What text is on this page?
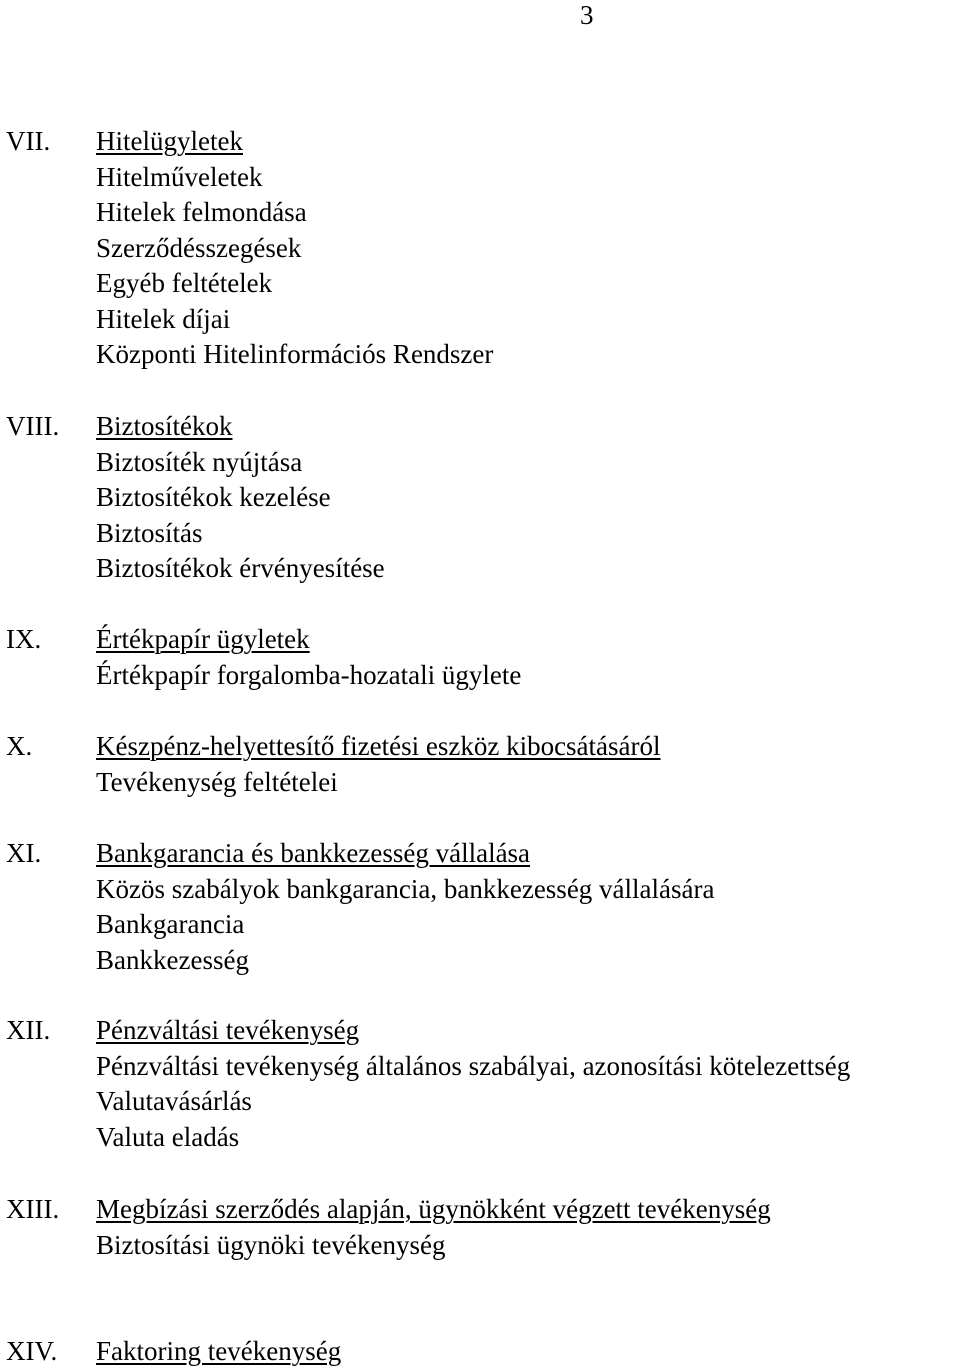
3
VII. Hitelügyletek
Hitelműveletek
Hitelek felmondása
Szerződésszegések
Egyéb feltételek
Hitelek díjai
Központi Hitelinformációs Rendszer
VIII. Biztosítékok
Biztosíték nyújtása
Biztosítékok kezelése
Biztosítás
Biztosítékok érvényesítése
IX. Értékpapír ügyletek
Értékpapír forgalomba-hozatali ügylete
X. Készpénz-helyettesítő fizetési eszköz kibocsátásáról
Tevékenység feltételei
XI. Bankgarancia és bankkezesség vállalása
Közös szabályok bankgarancia, bankkezesség vállalására
Bankgarancia
Bankkezesség
XII. Pénzváltási tevékenység
Pénzváltási tevékenység általános szabályai, azonosítási kötelezettség
Valutavásárlás
Valuta eladás
XIII. Megbízási szerződés alapján, ügynökként végzett tevékenység
Biztosítási ügynöki tevékenység
XIV. Faktoring tevékenység
